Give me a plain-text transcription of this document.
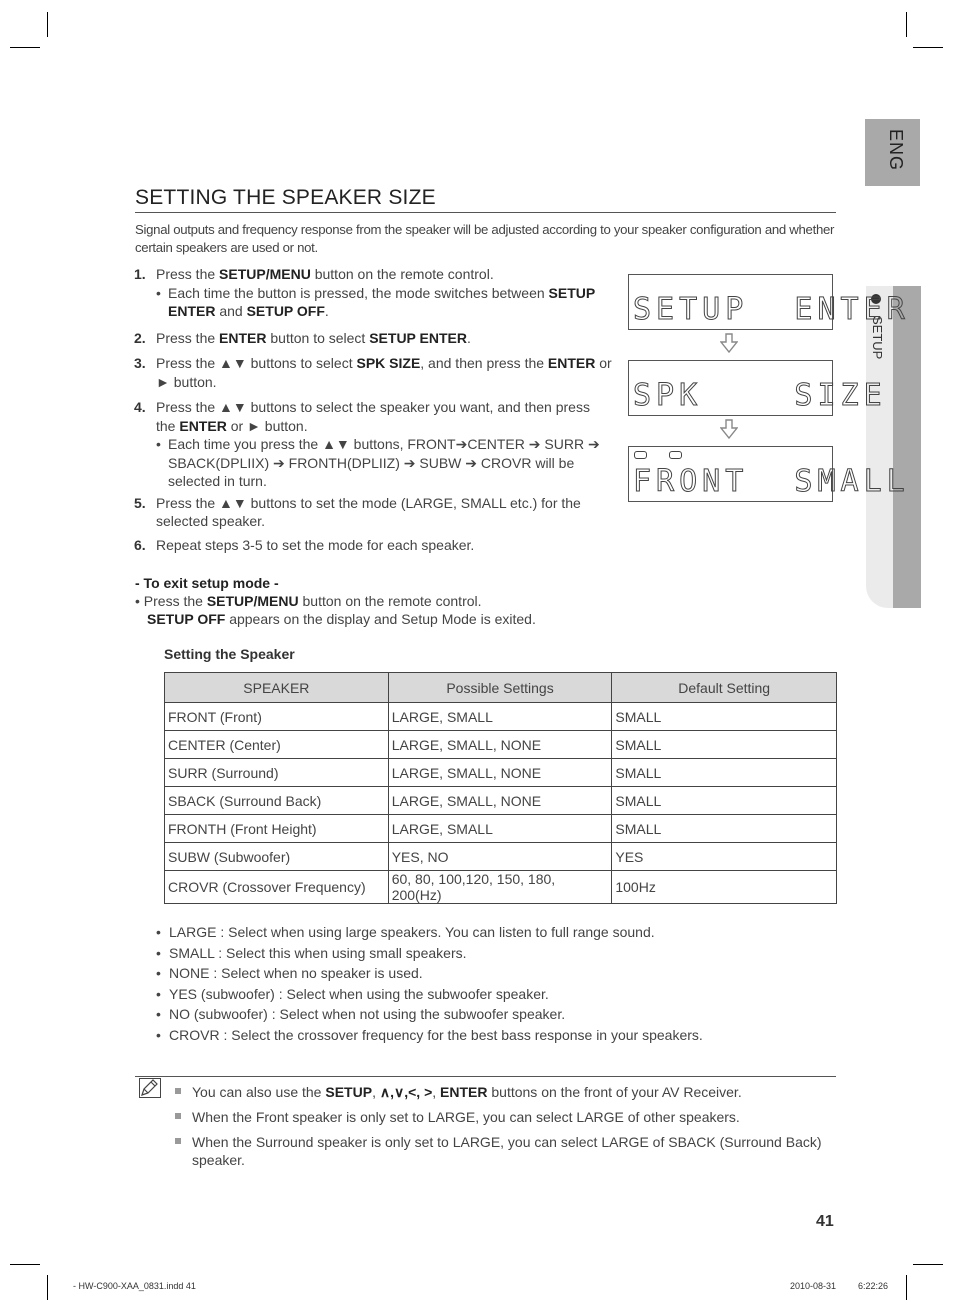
ENG
SETUP
SETTING THE SPEAKER SIZE
Signal outputs and frequency response from the speaker will be adjusted according to your speaker configuration and whether certain speakers are used or not.

1. Press the SETUP/MENU button on the remote control.

• Each time the button is pressed, the mode switches between SETUP ENTER and SETUP OFF.

2. Press the ENTER button to select SETUP ENTER.

3. Press the ▲▼ buttons to select SPK SIZE, and then press the ENTER or ► button.

4. Press the ▲▼ buttons to select the speaker you want, and then press the ENTER or ► button.

• Each time you press the ▲▼ buttons, FRONT➔CENTER ➔ SURR ➔ SBACK(DPLIIX) ➔ FRONTH(DPLIIZ) ➔ SUBW ➔ CROVR will be selected in turn.

5. Press the ▲▼ buttons to set the mode (LARGE, SMALL etc.) for the selected speaker.

6. Repeat steps 3-5 to set the mode for each speaker.

SETUP  ENTER
SPK    SIZE
FRONT  SMALL
- To exit setup mode -
• Press the SETUP/MENU button on the remote control.
SETUP OFF appears on the display and Setup Mode is exited.
Setting the Speaker
SPEAKER	Possible Settings	Default Setting
FRONT (Front)	LARGE, SMALL	SMALL
CENTER (Center)	LARGE, SMALL, NONE	SMALL
SURR (Surround)	LARGE, SMALL, NONE	SMALL
SBACK (Surround Back)	LARGE, SMALL, NONE	SMALL
FRONTH (Front Height)	LARGE, SMALL	SMALL
SUBW (Subwoofer)	YES, NO	YES
CROVR (Crossover Frequency)	60, 80, 100,120, 150, 180, 200(Hz)	100Hz
• LARGE : Select when using large speakers. You can listen to full range sound.
• SMALL : Select this when using small speakers.
• NONE : Select when no speaker is used.
• YES (subwoofer) : Select when using the subwoofer speaker.
• NO (subwoofer) : Select when not using the subwoofer speaker.
• CROVR : Select the crossover frequency for the best bass response in your speakers.
You can also use the SETUP, ∧,∨,<, >, ENTER buttons on the front of your AV Receiver.
When the Front speaker is only set to LARGE, you can select LARGE of other speakers.
When the Surround speaker is only set to LARGE, you can select LARGE of SBACK (Surround Back) speaker.
41
- HW-C900-XAA_0831.indd 41	2010-08-31 6:22:26
